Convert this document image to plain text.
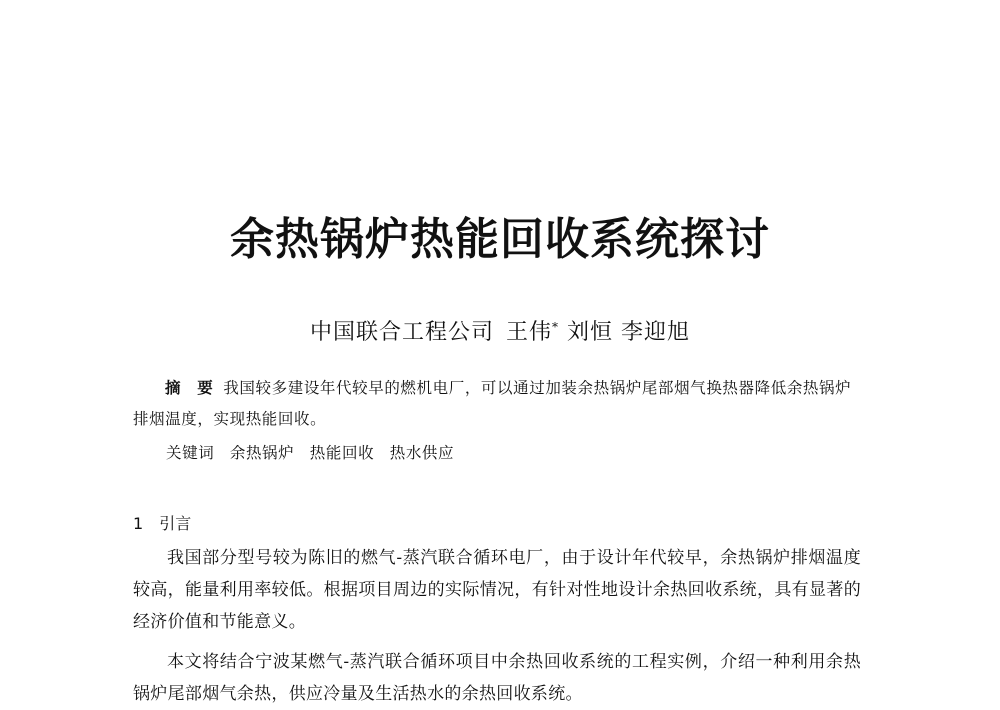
余热锅炉热能回收系统探讨
中国联合工程公司 王伟* 刘恒 李迎旭
摘　要 我国较多建设年代较早的燃机电厂，可以通过加装余热锅炉尾部烟气换热器降低余热锅炉排烟温度，实现热能回收。
关键词 余热锅炉 热能回收 热水供应
1 引言

我国部分型号较为陈旧的燃气-蒸汽联合循环电厂，由于设计年代较早，余热锅炉排烟温度较高，能量利用率较低。根据项目周边的实际情况，有针对性地设计余热回收系统，具有显著的经济价值和节能意义。

本文将结合宁波某燃气-蒸汽联合循环项目中余热回收系统的工程实例，介绍一种利用余热锅炉尾部烟气余热，供应冷量及生活热水的余热回收系统。
